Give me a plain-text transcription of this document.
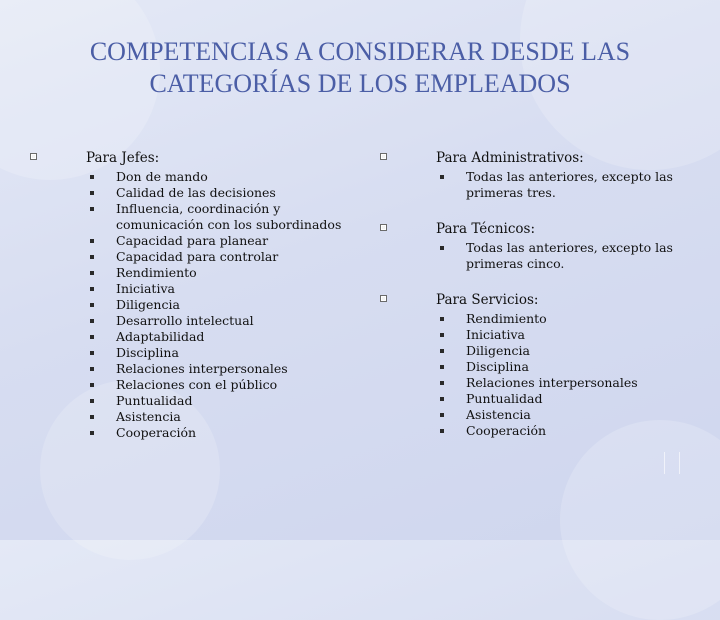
COMPETENCIAS A CONSIDERAR DESDE LAS
CATEGORÍAS DE LOS EMPLEADOS
Para Jefes:
Don de mando
Calidad de las decisiones
Influencia, coordinación y comunicación con los subordinados
Capacidad para planear
Capacidad para controlar
Rendimiento
Iniciativa
Diligencia
Desarrollo intelectual
Adaptabilidad
Disciplina
Relaciones interpersonales
Relaciones con el público
Puntualidad
Asistencia
Cooperación
Para Administrativos:
Todas las anteriores, excepto las primeras tres.
Para Técnicos:
Todas las anteriores, excepto las primeras cinco.
Para Servicios:
Rendimiento
Iniciativa
Diligencia
Disciplina
Relaciones interpersonales
Puntualidad
Asistencia
Cooperación
